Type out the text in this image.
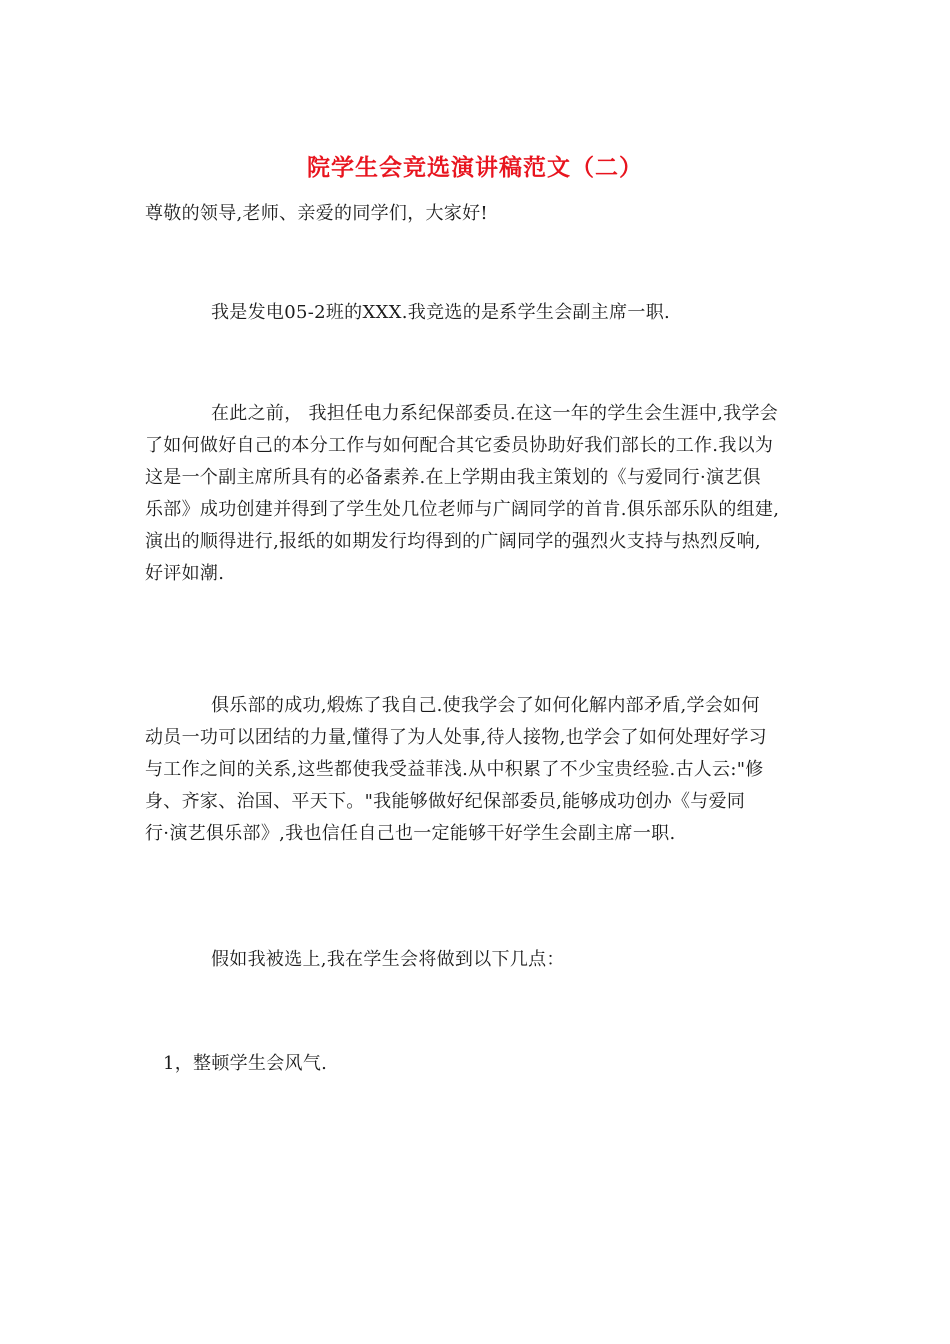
院学生会竞选演讲稿范文（二）
尊敬的领导,老师、亲爱的同学们，大家好!
我是发电05-2班的XXX.我竞选的是系学生会副主席一职.
在此之前， 我担任电力系纪保部委员.在这一年的学生会生涯中,我学会
了如何做好自己的本分工作与如何配合其它委员协助好我们部长的工作.我以为
这是一个副主席所具有的必备素养.在上学期由我主策划的《与爱同行·演艺俱
乐部》成功创建并得到了学生处几位老师与广阔同学的首肯.俱乐部乐队的组建,
演出的顺得进行,报纸的如期发行均得到的广阔同学的强烈火支持与热烈反响,
好评如潮.
俱乐部的成功,煅炼了我自己.使我学会了如何化解内部矛盾,学会如何
动员一功可以团结的力量,懂得了为人处事,待人接物,也学会了如何处理好学习
与工作之间的关系,这些都使我受益菲浅.从中积累了不少宝贵经验.古人云:"修
身、齐家、治国、平天下。"我能够做好纪保部委员,能够成功创办《与爱同
行·演艺俱乐部》,我也信任自己也一定能够干好学生会副主席一职.
假如我被选上,我在学生会将做到以下几点：
1，整顿学生会风气.
